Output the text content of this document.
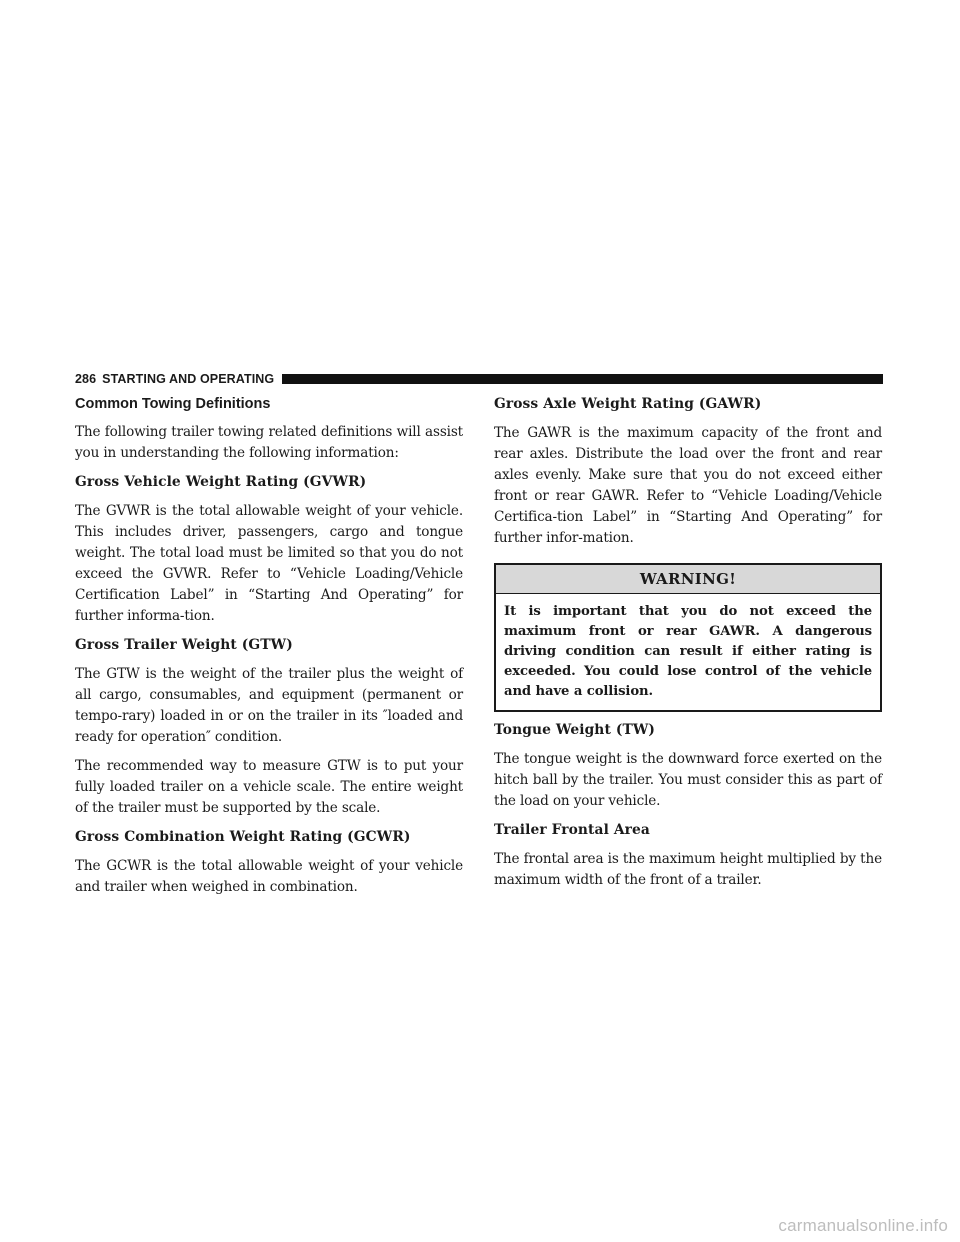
286 STARTING AND OPERATING
Common Towing Definitions

The following trailer towing related definitions will assist you in understanding the following information:

Gross Vehicle Weight Rating (GVWR)

The GVWR is the total allowable weight of your vehicle. This includes driver, passengers, cargo and tongue weight. The total load must be limited so that you do not exceed the GVWR. Refer to “Vehicle Loading/Vehicle Certification Label” in “Starting And Operating” for further informa-tion.

Gross Trailer Weight (GTW)

The GTW is the weight of the trailer plus the weight of all cargo, consumables, and equipment (permanent or tempo-rary) loaded in or on the trailer in its ″loaded and ready for operation″ condition.

The recommended way to measure GTW is to put your fully loaded trailer on a vehicle scale. The entire weight of the trailer must be supported by the scale.

Gross Combination Weight Rating (GCWR)

The GCWR is the total allowable weight of your vehicle and trailer when weighed in combination.

Gross Axle Weight Rating (GAWR)

The GAWR is the maximum capacity of the front and rear axles. Distribute the load over the front and rear axles evenly. Make sure that you do not exceed either front or rear GAWR. Refer to “Vehicle Loading/Vehicle Certifica-tion Label” in “Starting And Operating” for further infor-mation.

WARNING!
It is important that you do not exceed the maximum front or rear GAWR. A dangerous driving condition can result if either rating is exceeded. You could lose control of the vehicle and have a collision.
Tongue Weight (TW)

The tongue weight is the downward force exerted on the hitch ball by the trailer. You must consider this as part of the load on your vehicle.

Trailer Frontal Area

The frontal area is the maximum height multiplied by the maximum width of the front of a trailer.

carmanualsonline.info
